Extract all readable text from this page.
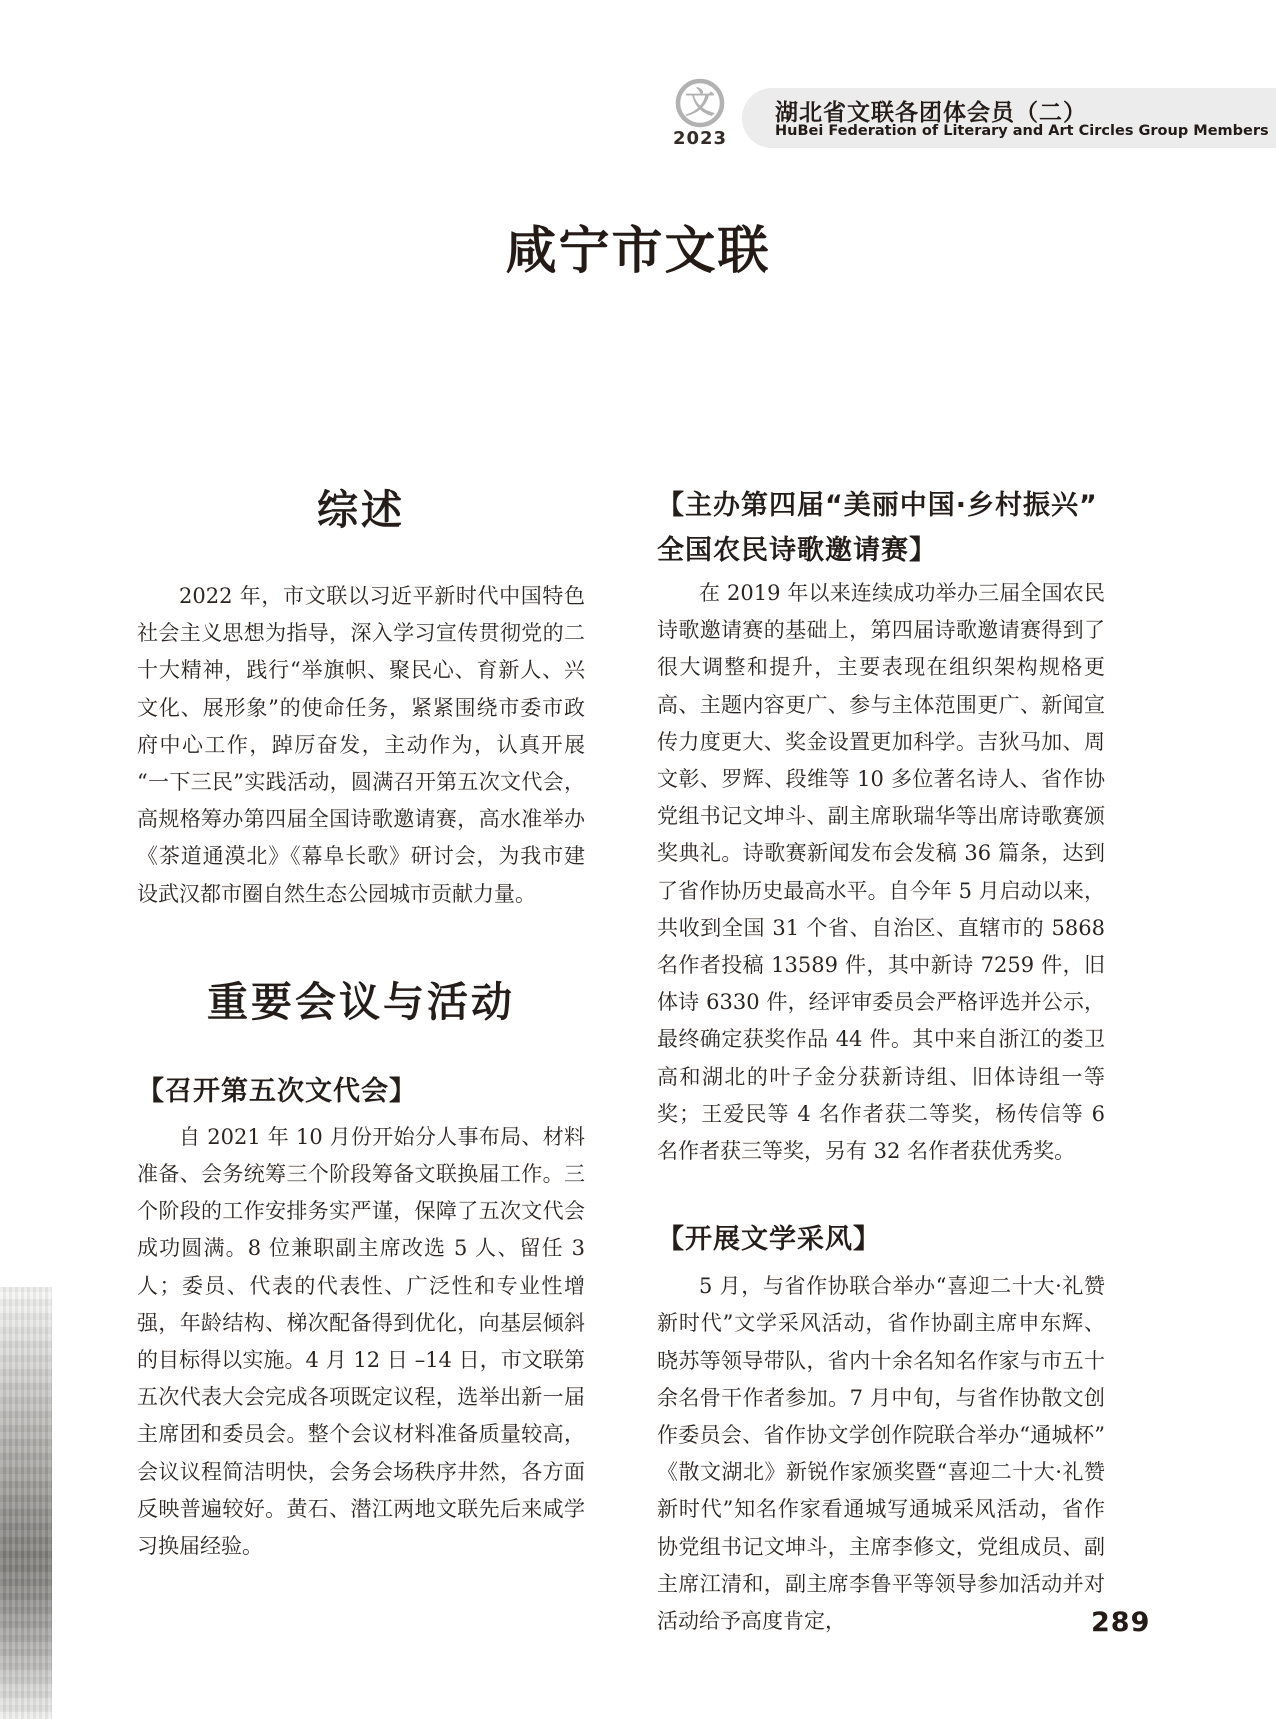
文
2023
湖北省文联各团体会员（二）
HuBei Federation of Literary and Art Circles Group Members
咸宁市文联
综述

2022 年，市文联以习近平新时代中国特色社会主义思想为指导，深入学习宣传贯彻党的二十大精神，践行“举旗帜、聚民心、育新人、兴文化、展形象”的使命任务，紧紧围绕市委市政府中心工作，踔厉奋发，主动作为，认真开展“一下三民”实践活动，圆满召开第五次文代会，高规格筹办第四届全国诗歌邀请赛，高水准举办《茶道通漠北》《幕阜长歌》研讨会，为我市建设武汉都市圈自然生态公园城市贡献力量。

重要会议与活动
【召开第五次文代会】

自 2021 年 10 月份开始分人事布局、材料准备、会务统筹三个阶段筹备文联换届工作。三个阶段的工作安排务实严谨，保障了五次文代会成功圆满。8 位兼职副主席改选 5 人、留任 3 人；委员、代表的代表性、广泛性和专业性增强，年龄结构、梯次配备得到优化，向基层倾斜的目标得以实施。4 月 12 日 –14 日，市文联第五次代表大会完成各项既定议程，选举出新一届主席团和委员会。整个会议材料准备质量较高，会议议程简洁明快，会务会场秩序井然，各方面反映普遍较好。黄石、潜江两地文联先后来咸学习换届经验。

【主办第四届“美丽中国·乡村振兴”全国农民诗歌邀请赛】

在 2019 年以来连续成功举办三届全国农民诗歌邀请赛的基础上，第四届诗歌邀请赛得到了很大调整和提升，主要表现在组织架构规格更高、主题内容更广、参与主体范围更广、新闻宣传力度更大、奖金设置更加科学。吉狄马加、周文彰、罗辉、段维等 10 多位著名诗人、省作协党组书记文坤斗、副主席耿瑞华等出席诗歌赛颁奖典礼。诗歌赛新闻发布会发稿 36 篇条，达到了省作协历史最高水平。自今年 5 月启动以来，共收到全国 31 个省、自治区、直辖市的 5868 名作者投稿 13589 件，其中新诗 7259 件，旧体诗 6330 件，经评审委员会严格评选并公示，最终确定获奖作品 44 件。其中来自浙江的娄卫高和湖北的叶子金分获新诗组、旧体诗组一等奖；王爱民等 4 名作者获二等奖，杨传信等 6 名作者获三等奖，另有 32 名作者获优秀奖。

【开展文学采风】

5 月，与省作协联合举办“喜迎二十大·礼赞新时代”文学采风活动，省作协副主席申东辉、晓苏等领导带队，省内十余名知名作家与市五十余名骨干作者参加。7 月中旬，与省作协散文创作委员会、省作协文学创作院联合举办“通城杯”《散文湖北》新锐作家颁奖暨“喜迎二十大·礼赞新时代”知名作家看通城写通城采风活动，省作协党组书记文坤斗，主席李修文，党组成员、副主席江清和，副主席李鲁平等领导参加活动并对活动给予高度肯定，	289
